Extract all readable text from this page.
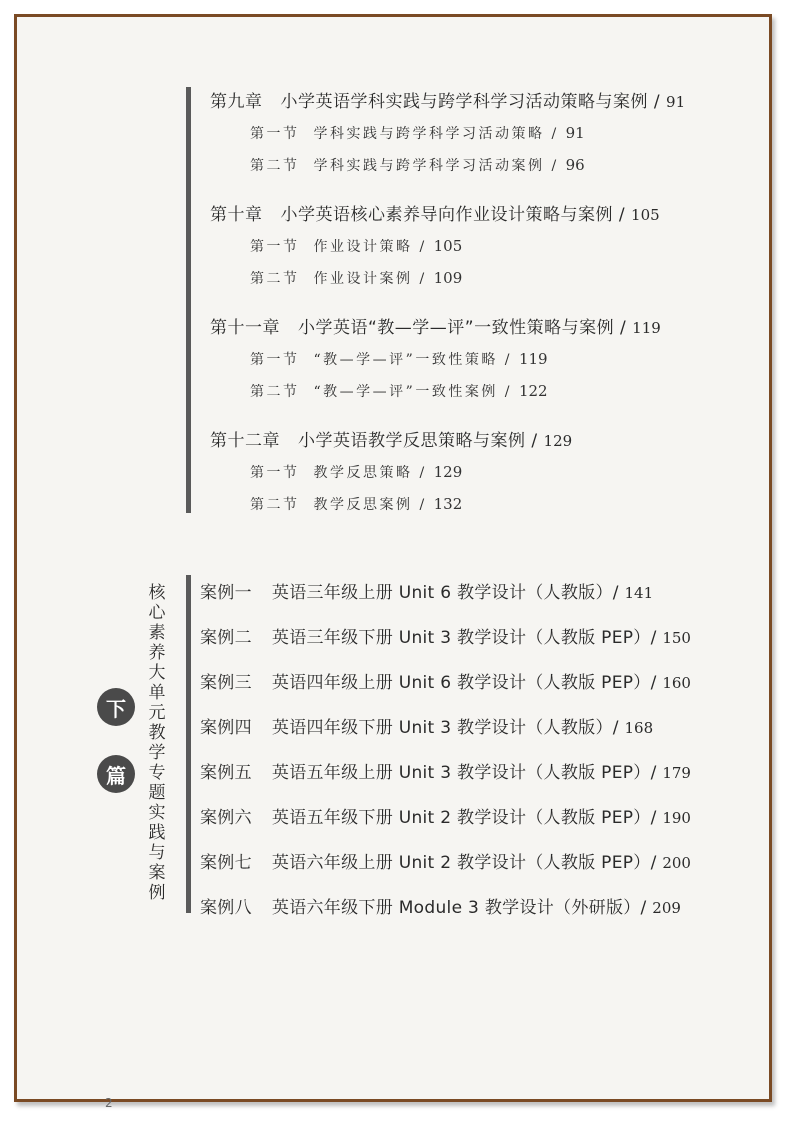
第九章 小学英语学科实践与跨学科学习活动策略与案例 / 91
第一节 学科实践与跨学科学习活动策略 / 91
第二节 学科实践与跨学科学习活动案例 / 96
第十章 小学英语核心素养导向作业设计策略与案例 / 105
第一节 作业设计策略 / 105
第二节 作业设计案例 / 109
第十一章 小学英语“教—学—评”一致性策略与案例 / 119
第一节 “教—学—评”一致性策略 / 119
第二节 “教—学—评”一致性案例 / 122
第十二章 小学英语教学反思策略与案例 / 129
第一节 教学反思策略 / 129
第二节 教学反思案例 / 132
下
篇
核心素养大单元教学专题实践与案例
案例一 英语三年级上册 Unit 6 教学设计（人教版）/ 141
案例二 英语三年级下册 Unit 3 教学设计（人教版 PEP）/ 150
案例三 英语四年级上册 Unit 6 教学设计（人教版 PEP）/ 160
案例四 英语四年级下册 Unit 3 教学设计（人教版）/ 168
案例五 英语五年级上册 Unit 3 教学设计（人教版 PEP）/ 179
案例六 英语五年级下册 Unit 2 教学设计（人教版 PEP）/ 190
案例七 英语六年级上册 Unit 2 教学设计（人教版 PEP）/ 200
案例八 英语六年级下册 Module 3 教学设计（外研版）/ 209
2
